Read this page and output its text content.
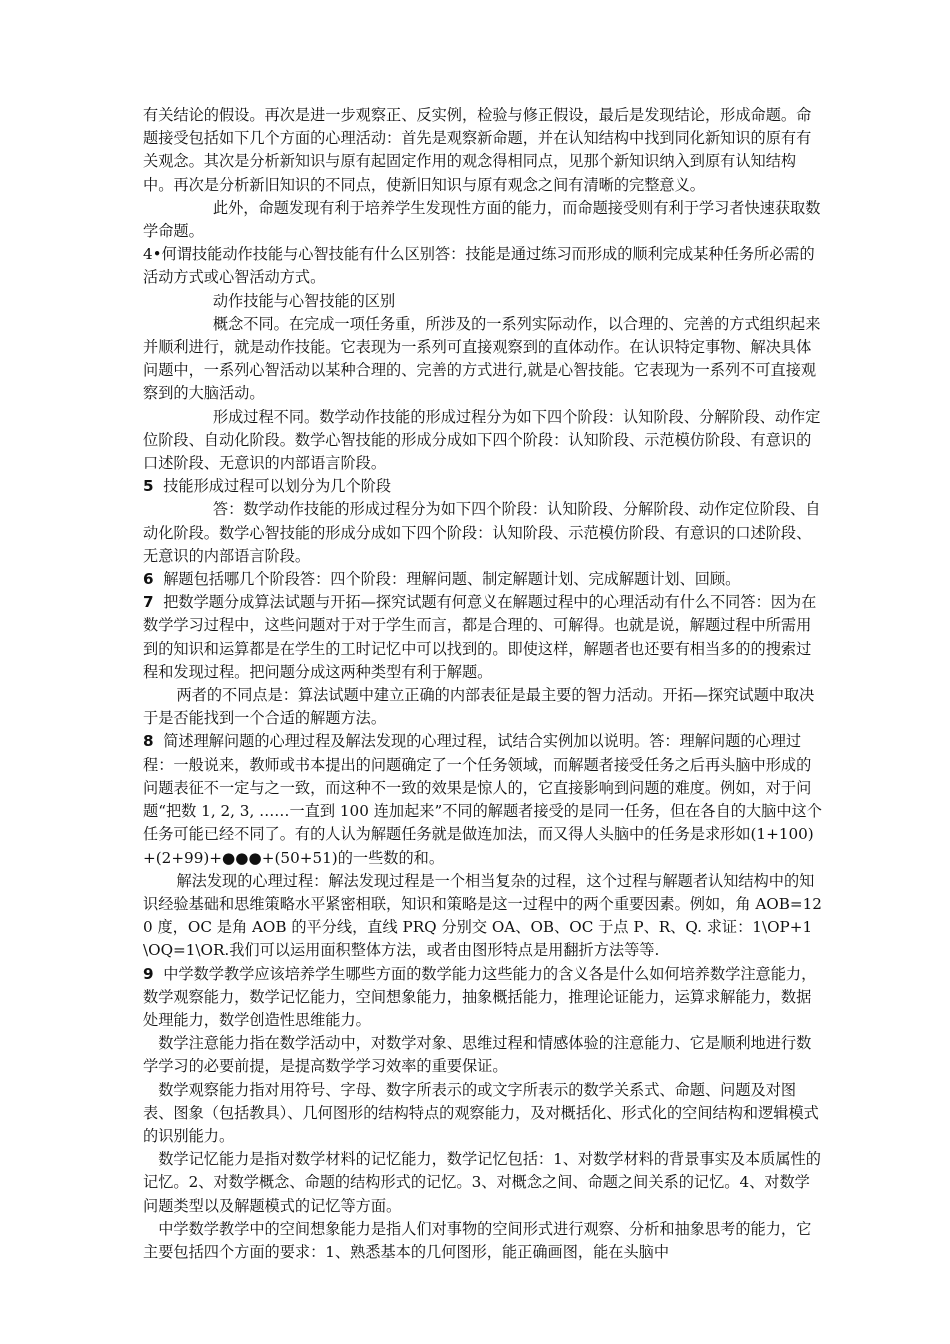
有关结论的假设。再次是进一步观察正、反实例，检验与修正假设，最后是发现结论，形成命题。命题接受包括如下几个方面的心理活动：首先是观察新命题，并在认知结构中找到同化新知识的原有有关观念。其次是分析新知识与原有起固定作用的观念得相同点，见那个新知识纳入到原有认知结构中。再次是分析新旧知识的不同点，使新旧知识与原有观念之间有清晰的完整意义。

此外，命题发现有利于培养学生发现性方面的能力，而命题接受则有利于学习者快速获取数学命题。

4•何谓技能动作技能与心智技能有什么区别答：技能是通过练习而形成的顺利完成某种任务所必需的活动方式或心智活动方式。

动作技能与心智技能的区别

概念不同。在完成一项任务重，所涉及的一系列实际动作，以合理的、完善的方式组织起来并顺利进行，就是动作技能。它表现为一系列可直接观察到的直体动作。在认识特定事物、解决具体问题中，一系列心智活动以某种合理的、完善的方式进行,就是心智技能。它表现为一系列不可直接观察到的大脑活动。

形成过程不同。数学动作技能的形成过程分为如下四个阶段：认知阶段、分解阶段、动作定位阶段、自动化阶段。数学心智技能的形成分成如下四个阶段：认知阶段、示范模仿阶段、有意识的口述阶段、无意识的内部语言阶段。

5 技能形成过程可以划分为几个阶段

答：数学动作技能的形成过程分为如下四个阶段：认知阶段、分解阶段、动作定位阶段、自动化阶段。数学心智技能的形成分成如下四个阶段：认知阶段、示范模仿阶段、有意识的口述阶段、无意识的内部语言阶段。

6 解题包括哪几个阶段答：四个阶段：理解问题、制定解题计划、完成解题计划、回顾。

7 把数学题分成算法试题与开拓—探究试题有何意义在解题过程中的心理活动有什么不同答：因为在数学学习过程中，这些问题对于对于学生而言，都是合理的、可解得。也就是说，解题过程中所需用到的知识和运算都是在学生的工时记忆中可以找到的。即使这样，解题者也还要有相当多的的搜索过程和发现过程。把问题分成这两种类型有利于解题。

两者的不同点是：算法试题中建立正确的内部表征是最主要的智力活动。开拓—探究试题中取决于是否能找到一个合适的解题方法。

8 简述理解问题的心理过程及解法发现的心理过程，试结合实例加以说明。答：理解问题的心理过程：一般说来，教师或书本提出的问题确定了一个任务领域，而解题者接受任务之后再头脑中形成的问题表征不一定与之一致，而这种不一致的效果是惊人的，它直接影响到问题的难度。例如，对于问题“把数 1, 2, 3, ……一直到 100 连加起来”不同的解题者接受的是同一任务，但在各自的大脑中这个任务可能已经不同了。有的人认为解题任务就是做连加法，而又得人头脑中的任务是求形如(1+100)+(2+99)+●●●+(50+51)的一些数的和。

解法发现的心理过程：解法发现过程是一个相当复杂的过程，这个过程与解题者认知结构中的知识经验基础和思维策略水平紧密相联，知识和策略是这一过程中的两个重要因素。例如，角 AOB=120 度，OC 是角 AOB 的平分线，直线 PRQ 分别交 OA、OB、OC 于点 P、R、Q. 求证：1\OP+1\OQ=1\OR.我们可以运用面积整体方法，或者由图形特点是用翻折方法等等.

9 中学数学教学应该培养学生哪些方面的数学能力这些能力的含义各是什么如何培养数学注意能力，数学观察能力，数学记忆能力，空间想象能力，抽象概括能力，推理论证能力，运算求解能力，数据处理能力，数学创造性思维能力。

数学注意能力指在数学活动中，对数学对象、思维过程和情感体验的注意能力、它是顺利地进行数学学习的必要前提，是提高数学学习效率的重要保证。

数学观察能力指对用符号、字母、数字所表示的或文字所表示的数学关系式、命题、问题及对图表、图象（包括教具）、几何图形的结构特点的观察能力，及对概括化、形式化的空间结构和逻辑模式的识别能力。

数学记忆能力是指对数学材料的记忆能力，数学记忆包括：1、对数学材料的背景事实及本质属性的记忆。2、对数学概念、命题的结构形式的记忆。3、对概念之间、命题之间关系的记忆。4、对数学问题类型以及解题模式的记忆等方面。

中学数学教学中的空间想象能力是指人们对事物的空间形式进行观察、分析和抽象思考的能力，它主要包括四个方面的要求：1、熟悉基本的几何图形，能正确画图，能在头脑中
